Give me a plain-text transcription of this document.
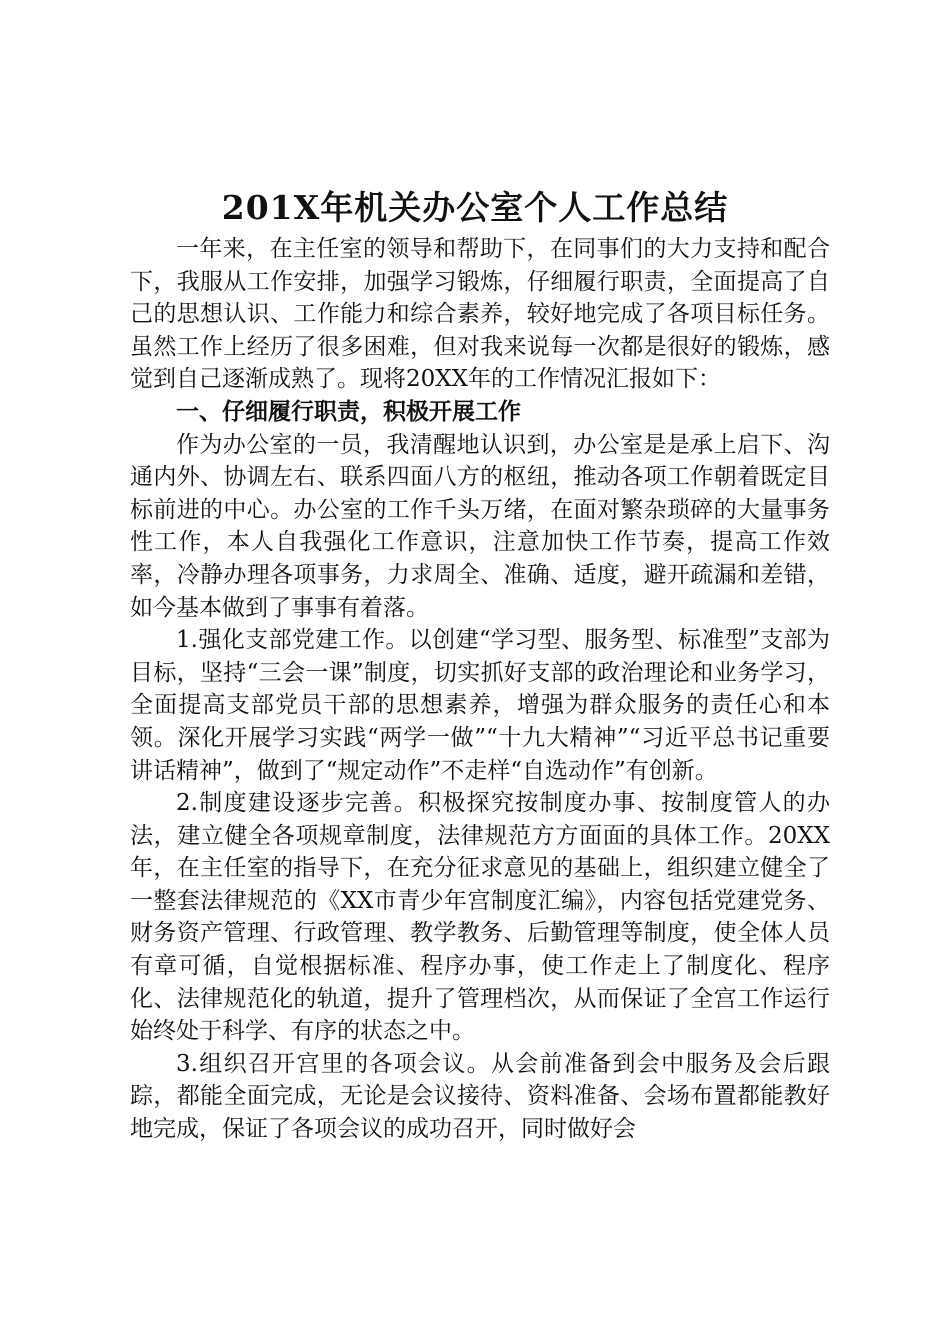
201X年机关办公室个人工作总结

一年来，在主任室的领导和帮助下，在同事们的大力支持和配合下，我服从工作安排，加强学习锻炼，仔细履行职责，全面提高了自己的思想认识、工作能力和综合素养，较好地完成了各项目标任务。虽然工作上经历了很多困难，但对我来说每一次都是很好的锻炼，感觉到自己逐渐成熟了。现将20XX年的工作情况汇报如下：

一、仔细履行职责，积极开展工作

作为办公室的一员，我清醒地认识到，办公室是是承上启下、沟通内外、协调左右、联系四面八方的枢纽，推动各项工作朝着既定目标前进的中心。办公室的工作千头万绪，在面对繁杂琐碎的大量事务性工作，本人自我强化工作意识，注意加快工作节奏，提高工作效率，冷静办理各项事务，力求周全、准确、适度，避开疏漏和差错，如今基本做到了事事有着落。

1.强化支部党建工作。以创建“学习型、服务型、标准型”支部为目标，坚持“三会一课”制度，切实抓好支部的政治理论和业务学习，全面提高支部党员干部的思想素养，增强为群众服务的责任心和本领。深化开展学习实践“两学一做”“十九大精神”“习近平总书记重要讲话精神”，做到了“规定动作”不走样“自选动作”有创新。

2.制度建设逐步完善。积极探究按制度办事、按制度管人的办法，建立健全各项规章制度，法律规范方方面面的具体工作。20XX年，在主任室的指导下，在充分征求意见的基础上，组织建立健全了一整套法律规范的《XX市青少年宫制度汇编》，内容包括党建党务、财务资产管理、行政管理、教学教务、后勤管理等制度，使全体人员有章可循，自觉根据标准、程序办事，使工作走上了制度化、程序化、法律规范化的轨道，提升了管理档次，从而保证了全宫工作运行始终处于科学、有序的状态之中。

3.组织召开宫里的各项会议。从会前准备到会中服务及会后跟踪，都能全面完成，无论是会议接待、资料准备、会场布置都能教好地完成，保证了各项会议的成功召开，同时做好会
